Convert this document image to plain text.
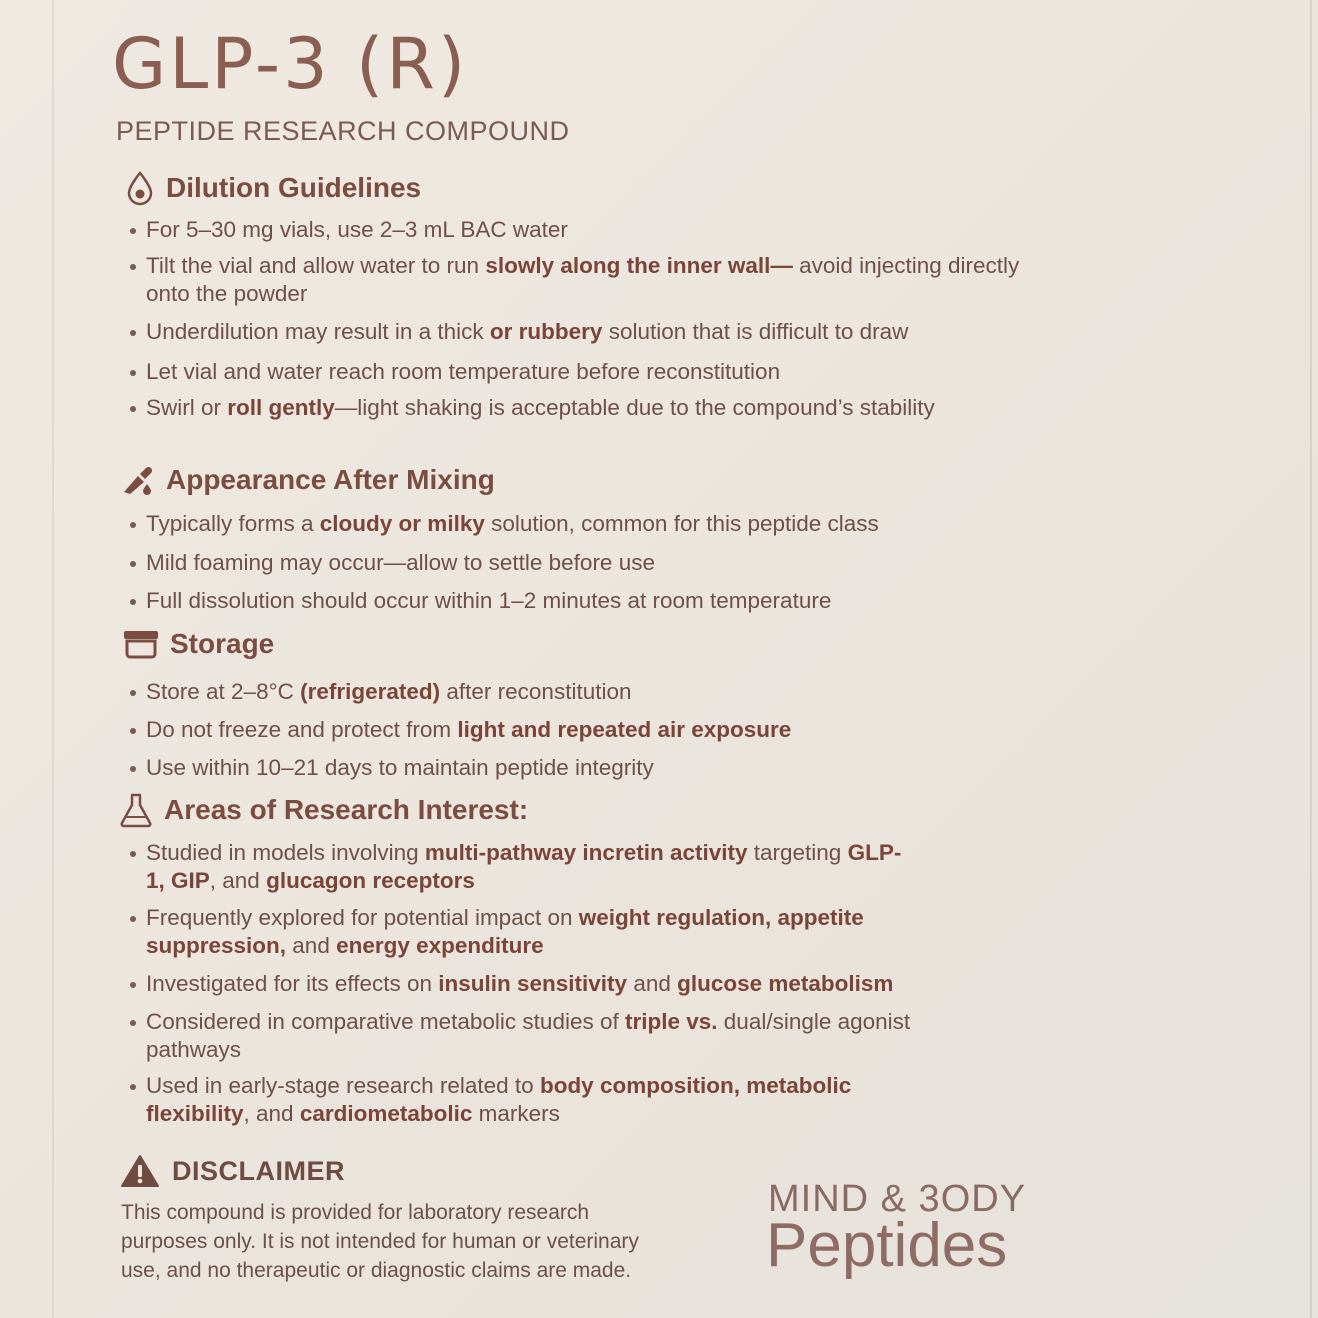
GLP-3 (R)

PEPTIDE RESEARCH COMPOUND

Dilution Guidelines
For 5–30 mg vials, use 2–3 mL BAC water
Tilt the vial and allow water to run slowly along the inner wall— avoid injecting directly onto the powder
Underdilution may result in a thick or rubbery solution that is difficult to draw
Let vial and water reach room temperature before reconstitution
Swirl or roll gently—light shaking is acceptable due to the compound’s stability
Appearance After Mixing
Typically forms a cloudy or milky solution, common for this peptide class
Mild foaming may occur—allow to settle before use
Full dissolution should occur within 1–2 minutes at room temperature
Storage
Store at 2–8°C (refrigerated) after reconstitution
Do not freeze and protect from light and repeated air exposure
Use within 10–21 days to maintain peptide integrity
Areas of Research Interest:
Studied in models involving multi-pathway incretin activity targeting GLP-1, GIP, and glucagon receptors
Frequently explored for potential impact on weight regulation, appetite suppression, and energy expenditure
Investigated for its effects on insulin sensitivity and glucose metabolism
Considered in comparative metabolic studies of triple vs. dual/single agonist pathways
Used in early-stage research related to body composition, metabolic flexibility, and cardiometabolic markers
DISCLAIMER

This compound is provided for laboratory research purposes only. It is not intended for human or veterinary use, and no therapeutic or diagnostic claims are made.

MIND & 3ODY
Peptides
